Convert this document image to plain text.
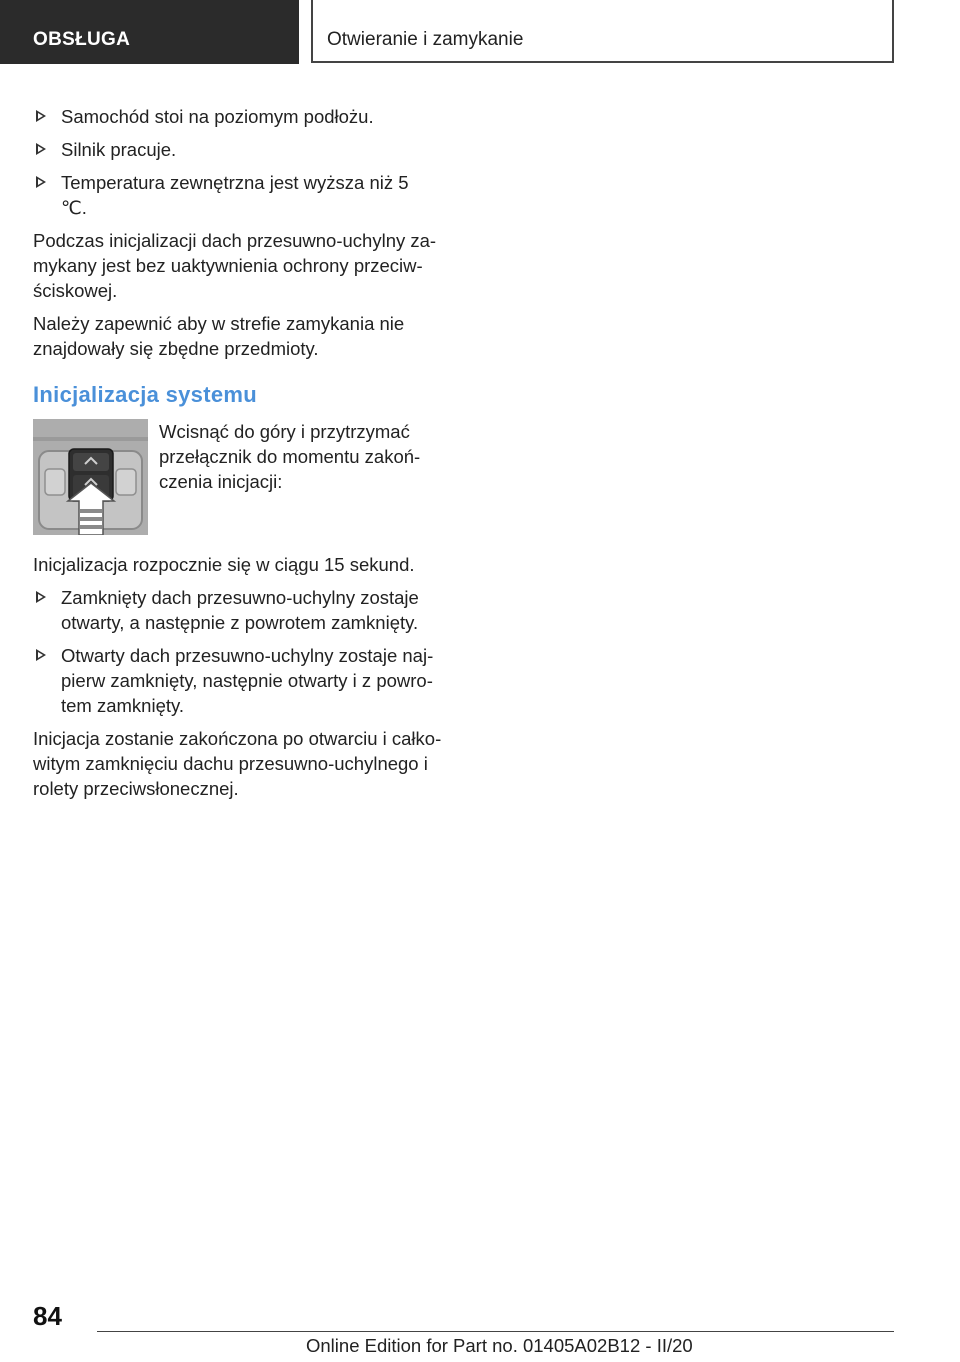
OBSŁUGA	Otwieranie i zamykanie
Samochód stoi na poziomym podłożu.
Silnik pracuje.
Temperatura zewnętrzna jest wyższa niż 5 ℃.

Podczas inicjalizacji dach przesuwno-uchylny zamykany jest bez uaktywnienia ochrony przeciwściskowej.

Należy zapewnić aby w strefie zamykania nie znajdowały się zbędne przedmioty.

Inicjalizacja systemu
Wcisnąć do góry i przytrzymać przełącznik do momentu zakończenia inicjacji:

Inicjalizacja rozpocznie się w ciągu 15 sekund.

Zamknięty dach przesuwno-uchylny zostaje otwarty, a następnie z powrotem zamknięty.
Otwarty dach przesuwno-uchylny zostaje najpierw zamknięty, następnie otwarty i z powrotem zamknięty.

Inicjacja zostanie zakończona po otwarciu i całkowitym zamknięciu dachu przesuwno-uchylnego i rolety przeciwsłonecznej.

84
Online Edition for Part no. 01405A02B12 - II/20
